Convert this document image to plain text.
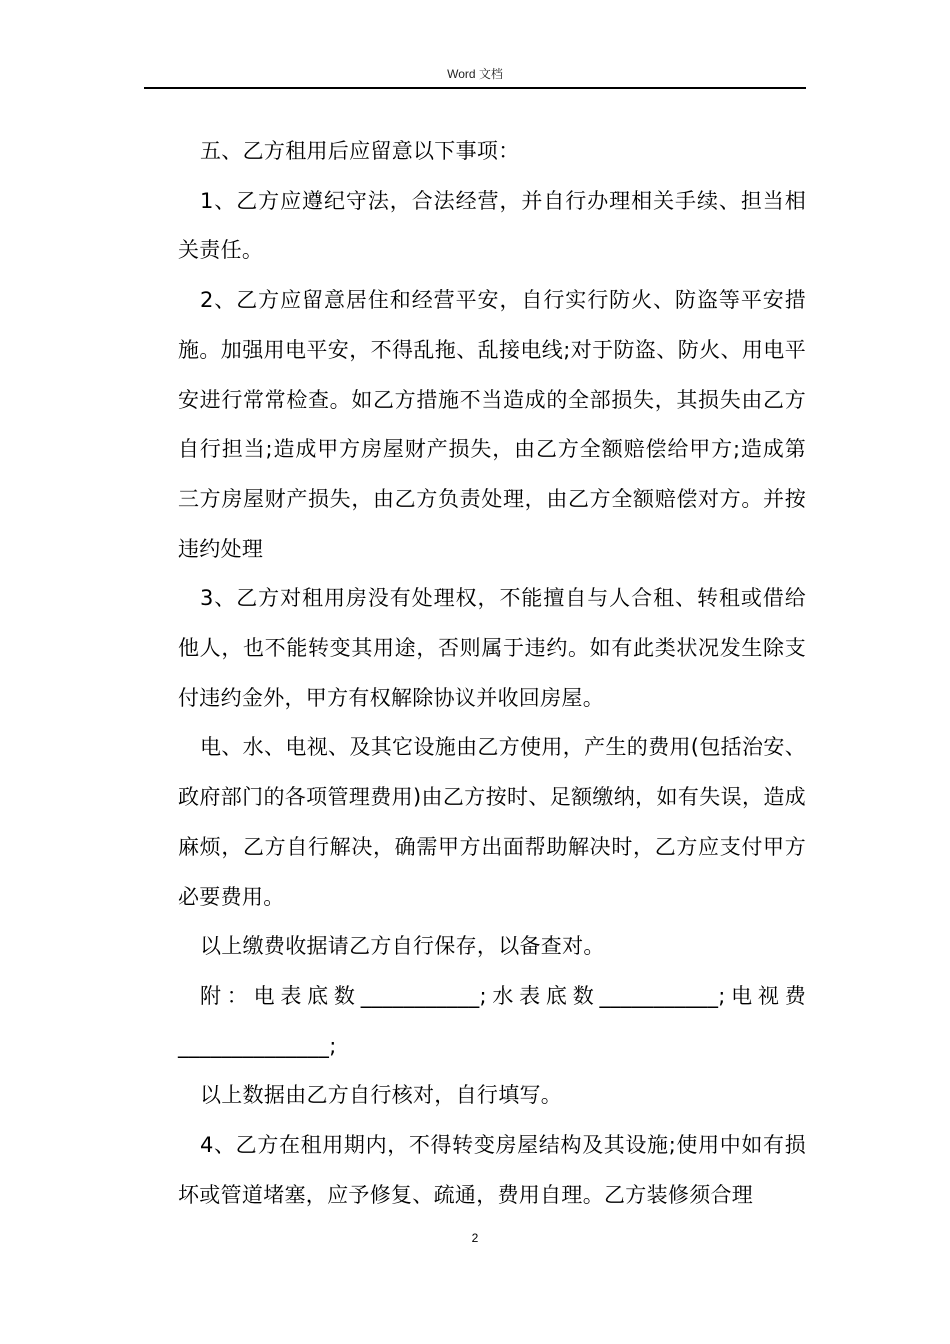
Word 文档

五、乙方租用后应留意以下事项：

1、乙方应遵纪守法，合法经营，并自行办理相关手续、担当相关责任。

2、乙方应留意居住和经营平安，自行实行防火、防盗等平安措施。加强用电平安，不得乱拖、乱接电线;对于防盗、防火、用电平安进行常常检查。如乙方措施不当造成的全部损失，其损失由乙方自行担当;造成甲方房屋财产损失，由乙方全额赔偿给甲方;造成第三方房屋财产损失，由乙方负责处理，由乙方全额赔偿对方。并按违约处理

3、乙方对租用房没有处理权，不能擅自与人合租、转租或借给他人，也不能转变其用途，否则属于违约。如有此类状况发生除支付违约金外，甲方有权解除协议并收回房屋。

电、水、电视、及其它设施由乙方使用，产生的费用(包括治安、政府部门的各项管理费用)由乙方按时、足额缴纳，如有失误，造成麻烦，乙方自行解决，确需甲方出面帮助解决时，乙方应支付甲方必要费用。

以上缴费收据请乙方自行保存，以备查对。

附：电表底数___________;水表底数___________;电视费______________;

以上数据由乙方自行核对，自行填写。

4、乙方在租用期内，不得转变房屋结构及其设施;使用中如有损坏或管道堵塞，应予修复、疏通，费用自理。乙方装修须合理

2
